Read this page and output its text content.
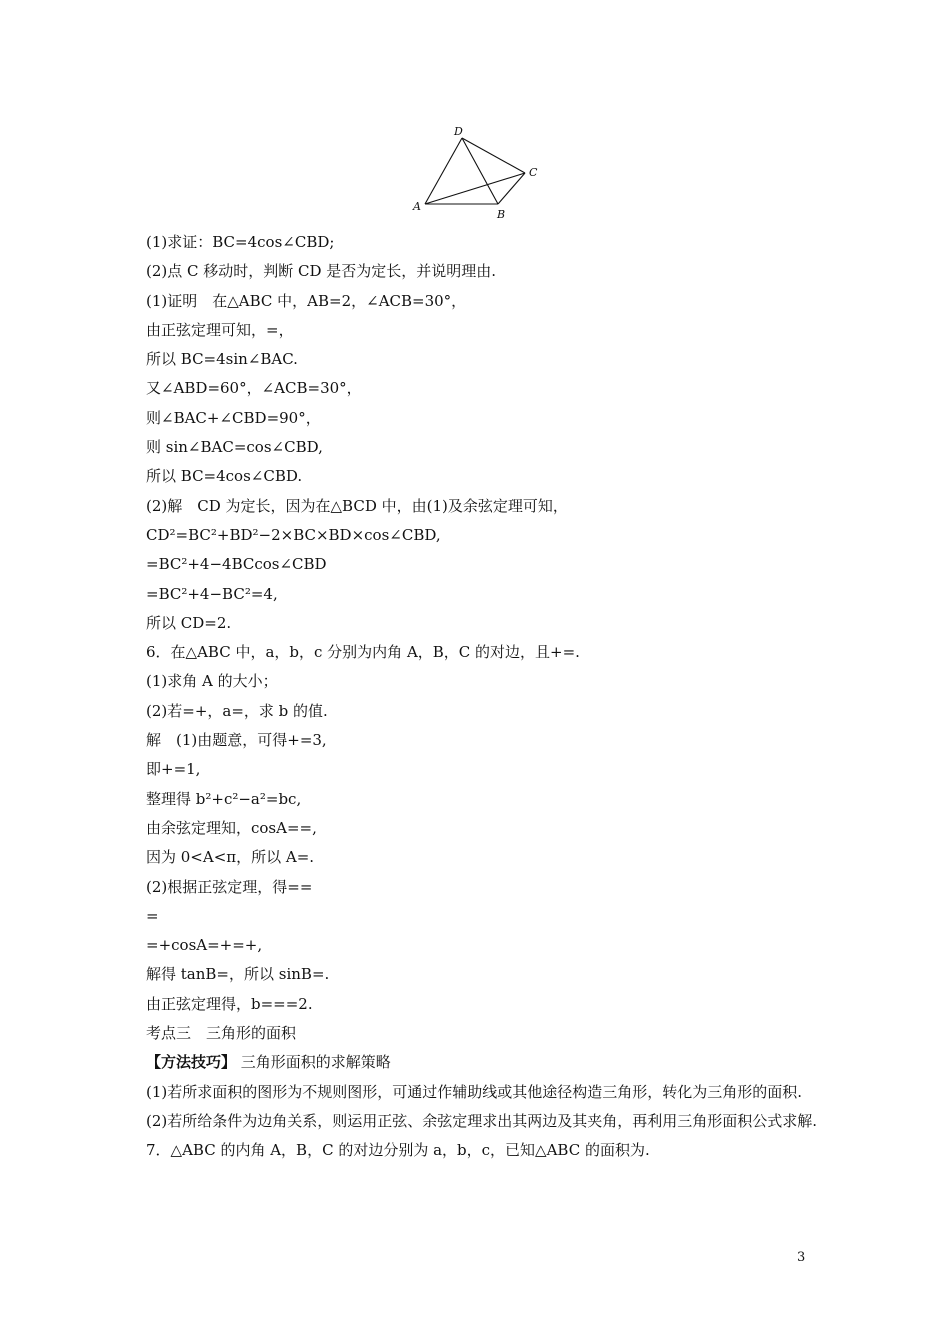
D
C
A
B
(1)求证：BC=4cos∠CBD;
(2)点 C 移动时，判断 CD 是否为定长，并说明理由.
(1)证明　在△ABC 中，AB=2，∠ACB=30°，
由正弦定理可知，=，
所以 BC=4sin∠BAC.
又∠ABD=60°，∠ACB=30°，
则∠BAC+∠CBD=90°，
则 sin∠BAC=cos∠CBD,
所以 BC=4cos∠CBD.
(2)解　CD 为定长，因为在△BCD 中，由(1)及余弦定理可知，
CD²=BC²+BD²−2×BC×BD×cos∠CBD,
=BC²+4−4BCcos∠CBD
=BC²+4−BC²=4,
所以 CD=2.
6．在△ABC 中，a，b，c 分别为内角 A，B，C 的对边，且+=.
(1)求角 A 的大小；
(2)若=+，a=，求 b 的值.
解　(1)由题意，可得+=3,
即+=1,
整理得 b²+c²−a²=bc,
由余弦定理知，cosA==,
因为 0<A<π，所以 A=.
(2)根据正弦定理，得==
=
=+cosA=+=+,
解得 tanB=，所以 sinB=.
由正弦定理得，b===2.
考点三　三角形的面积
【方法技巧】 三角形面积的求解策略
(1)若所求面积的图形为不规则图形，可通过作辅助线或其他途径构造三角形，转化为三角形的面积.
(2)若所给条件为边角关系，则运用正弦、余弦定理求出其两边及其夹角，再利用三角形面积公式求解.
7．△ABC 的内角 A，B，C 的对边分别为 a，b，c，已知△ABC 的面积为.
3
